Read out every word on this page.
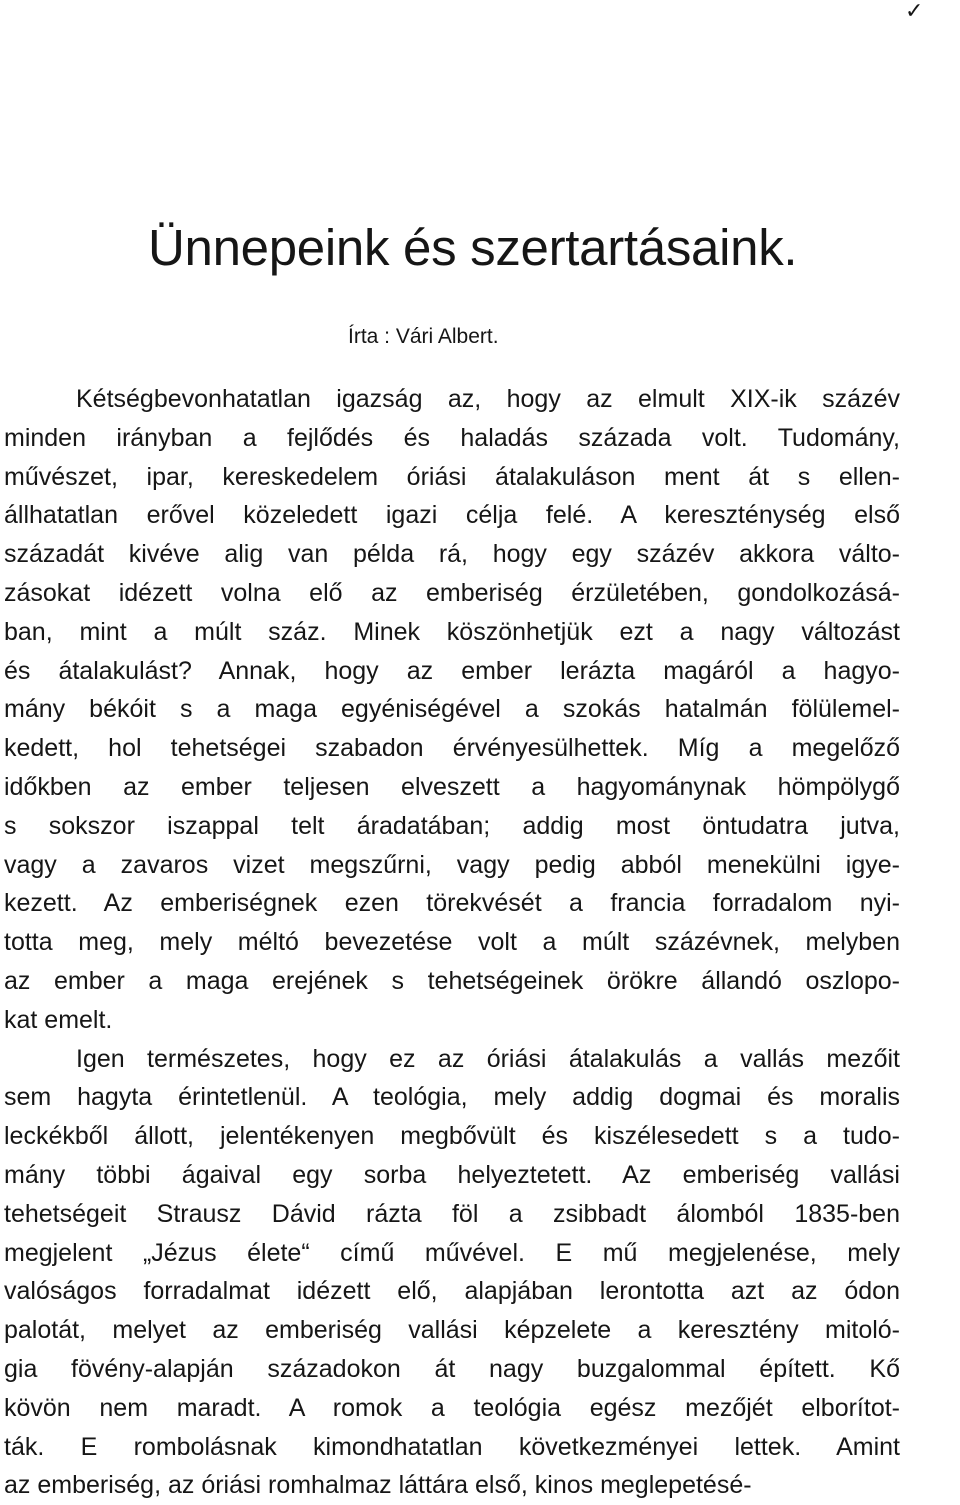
✓
Ünnepeink és szertartásaink.
Írta : Vári Albert.
Kétségbevonhatatlan igazság az, hogy az elmult XIX-ik százév
minden irányban a fejlődés és haladás százada volt. Tudomány,
művészet, ipar, kereskedelem óriási átalakuláson ment át s ellen-
állhatatlan erővel közeledett igazi célja felé. A kereszténység első
századát kivéve alig van példa rá, hogy egy százév akkora válto-
zásokat idézett volna elő az emberiség érzületében, gondolkozásá-
ban, mint a múlt száz. Minek köszönhetjük ezt a nagy változást
és átalakulást? Annak, hogy az ember lerázta magáról a hagyo-
mány békóit s a maga egyéniségével a szokás hatalmán fölülemel-
kedett, hol tehetségei szabadon érvényesülhettek. Míg a megelőző
időkben az ember teljesen elveszett a hagyománynak hömpölygő
s sokszor iszappal telt áradatában; addig most öntudatra jutva,
vagy a zavaros vizet megszűrni, vagy pedig abból menekülni igye-
kezett. Az emberiségnek ezen törekvését a francia forradalom nyi-
totta meg, mely méltó bevezetése volt a múlt százévnek, melyben
az ember a maga erejének s tehetségeinek örökre állandó oszlopo-
kat emelt.
Igen természetes, hogy ez az óriási átalakulás a vallás mezőit
sem hagyta érintetlenül. A teológia, mely addig dogmai és moralis
leckékből állott, jelentékenyen megbővült és kiszélesedett s a tudo-
mány többi ágaival egy sorba helyeztetett. Az emberiség vallási
tehetségeit Strausz Dávid rázta föl a zsibbadt álomból 1835-ben
megjelent „Jézus élete“ című művével. E mű megjelenése, mely
valóságos forradalmat idézett elő, alapjában lerontotta azt az ódon
palotát, melyet az emberiség vallási képzelete a keresztény mitoló-
gia fövény-alapján századokon át nagy buzgalommal épített. Kő
kövön nem maradt. A romok a teológia egész mezőjét elborítot-
ták. E rombolásnak kimondhatatlan következményei lettek. Amint
az emberiség, az óriási romhalmaz láttára első, kinos meglepetésé-
